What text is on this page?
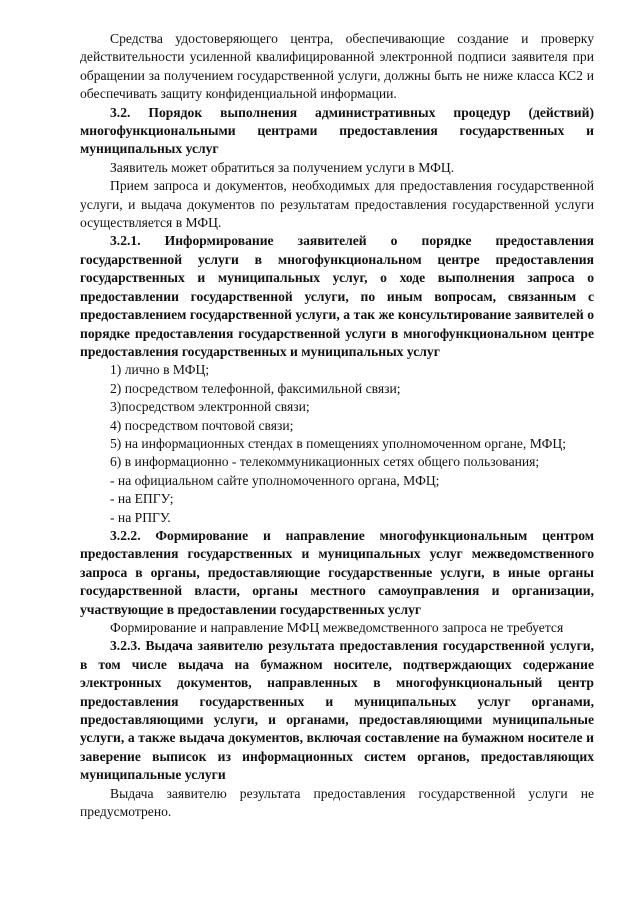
Средства удостоверяющего центра, обеспечивающие создание и проверку действительности усиленной квалифицированной электронной подписи заявителя при обращении за получением государственной услуги, должны быть не ниже класса КС2 и обеспечивать защиту конфиденциальной информации.

3.2. Порядок выполнения административных процедур (действий) многофункциональными центрами предоставления государственных и муниципальных услуг

Заявитель может обратиться за получением услуги в МФЦ.

Прием запроса и документов, необходимых для предоставления государственной услуги, и выдача документов по результатам предоставления государственной услуги осуществляется в МФЦ.

3.2.1. Информирование заявителей о порядке предоставления государственной услуги в многофункциональном центре предоставления государственных и муниципальных услуг, о ходе выполнения запроса о предоставлении государственной услуги, по иным вопросам, связанным с предоставлением государственной услуги, а так же консультирование заявителей о порядке предоставления государственной услуги в многофункциональном центре предоставления государственных и муниципальных услуг

1) лично в МФЦ;

2) посредством телефонной, факсимильной связи;

3)посредством электронной связи;

4) посредством почтовой связи;

5) на информационных стендах в помещениях уполномоченном органе, МФЦ;

6) в информационно - телекоммуникационных сетях общего пользования;

- на официальном сайте уполномоченного органа, МФЦ;

- на ЕПГУ;

- на РПГУ.

3.2.2. Формирование и направление многофункциональным центром предоставления государственных и муниципальных услуг межведомственного запроса в органы, предоставляющие государственные услуги, в иные органы государственной власти, органы местного самоуправления и организации, участвующие в предоставлении государственных услуг

Формирование и направление МФЦ межведомственного запроса не требуется

3.2.3. Выдача заявителю результата предоставления государственной услуги, в том числе выдача на бумажном носителе, подтверждающих содержание электронных документов, направленных в многофункциональный центр предоставления государственных и муниципальных услуг органами, предоставляющими услуги, и органами, предоставляющими муниципальные услуги, а также выдача документов, включая составление на бумажном носителе и заверение выписок из информационных систем органов, предоставляющих муниципальные услуги

Выдача заявителю результата предоставления государственной услуги не предусмотрено.
